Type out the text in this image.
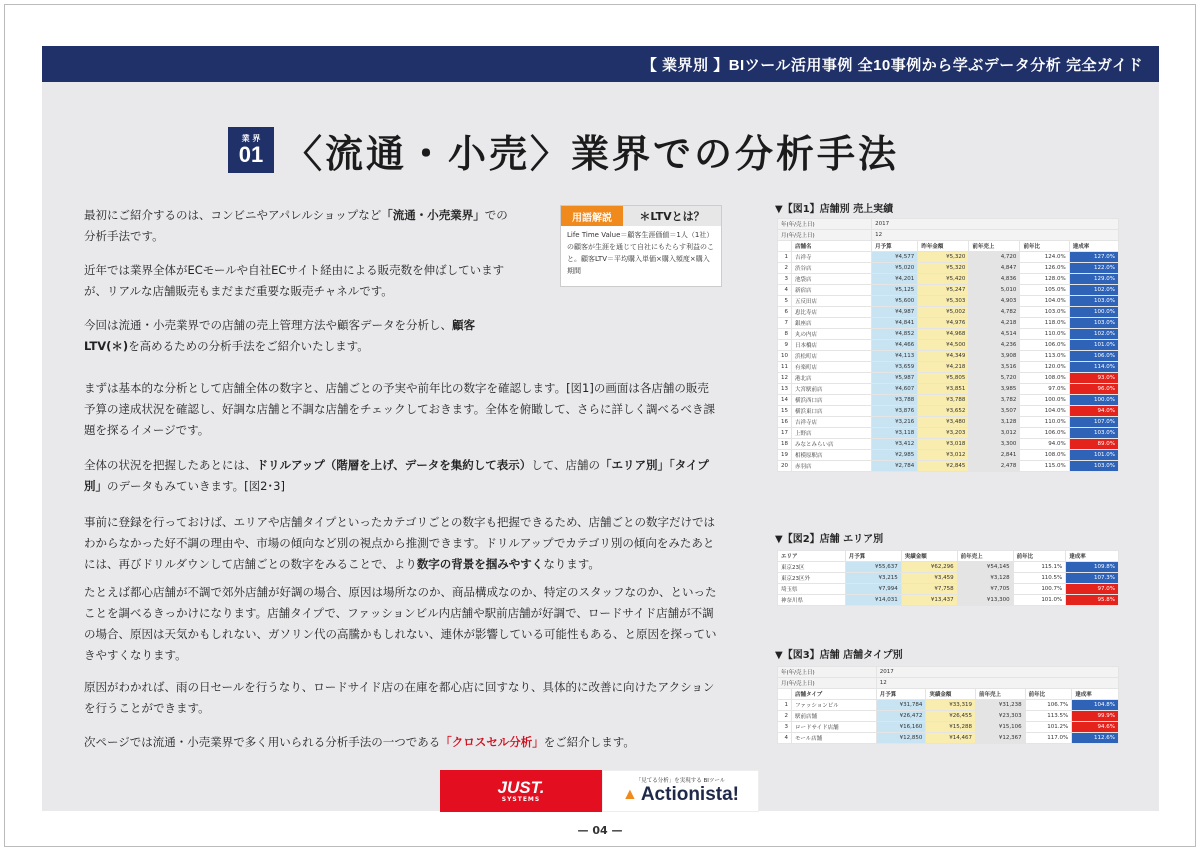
【 業界別 】BIツール活用事例 全10事例から学ぶデータ分析 完全ガイド
業 界
01 〈流通・小売〉業界での分析手法

最初にご紹介するのは、コンビニやアパレルショップなど「流通・小売業界」での分析手法です。

近年では業界全体がECモールや自社ECサイト経由による販売数を伸ばしていますが、リアルな店舗販売もまだまだ重要な販売チャネルです。

今回は流通・小売業界での店舗の売上管理方法や顧客データを分析し、顧客LTV(＊)を高めるための分析手法をご紹介いたします。

まずは基本的な分析として店舗全体の数字と、店舗ごとの予実や前年比の数字を確認します。[図1]の画面は各店舗の販売予算の達成状況を確認し、好調な店舗と不調な店舗をチェックしておきます。全体を俯瞰して、さらに詳しく調べるべき課題を探るイメージです。

全体の状況を把握したあとには、ドリルアップ（階層を上げ、データを集約して表示）して、店舗の「エリア別」「タイプ別」のデータもみていきます。[図2･3]

事前に登録を行っておけば、エリアや店舗タイプといったカテゴリごとの数字も把握できるため、店舗ごとの数字だけではわからなかった好不調の理由や、市場の傾向など別の視点から推測できます。ドリルアップでカテゴリ別の傾向をみたあとには、再びドリルダウンして店舗ごとの数字をみることで、より数字の背景を掴みやすくなります。

たとえば都心店舗が不調で郊外店舗が好調の場合、原因は場所なのか、商品構成なのか、特定のスタッフなのか、といったことを調べるきっかけになります。店舗タイプで、ファッションビル内店舗や駅前店舗が好調で、ロードサイド店舗が不調の場合、原因は天気かもしれない、ガソリン代の高騰かもしれない、連休が影響している可能性もある、と原因を探っていきやすくなります。

原因がわかれば、雨の日セールを行うなり、ロードサイド店の在庫を都心店に回すなり、具体的に改善に向けたアクションを行うことができます。

次ページでは流通・小売業界で多く用いられる分析手法の一つである「クロスセル分析」をご紹介します。

用語解説	＊LTVとは？
Life Time Value＝顧客生涯価値＝1人（1社）の顧客が生涯を通じて自社にもたらす利益のこと。顧客LTV＝平均購入単価×購入頻度×購入期間
▼【図1】店舗別 売上実績
年(年/売上日)		2017				
月(年/売上日)		12				
	店舗名	月予算	昨年金額	前年売上	前年比	達成率
1	吉祥寺	¥4,577	¥5,320	4,720	124.0%	127.0%
2	渋谷店	¥5,020	¥5,320	4,847	126.0%	122.0%
3	池袋店	¥4,201	¥5,420	4,836	128.0%	129.0%
4	新宿店	¥5,125	¥5,247	5,010	105.0%	102.0%
5	五反田店	¥5,600	¥5,303	4,903	104.0%	103.0%
6	恵比寿店	¥4,987	¥5,002	4,782	103.0%	100.0%
7	銀座店	¥4,841	¥4,976	4,218	118.0%	103.0%
8	丸の内店	¥4,852	¥4,968	4,514	110.0%	102.0%
9	日本橋店	¥4,466	¥4,500	4,236	106.0%	101.0%
10	浜松町店	¥4,113	¥4,349	3,908	113.0%	106.0%
11	有楽町店	¥3,659	¥4,218	3,516	120.0%	114.0%
12	港北店	¥5,987	¥5,805	5,720	108.0%	93.0%
13	大宮駅前店	¥4,607	¥3,851	3,985	97.0%	96.0%
14	横浜西口店	¥3,788	¥3,788	3,782	100.0%	100.0%
15	横浜東口店	¥3,876	¥3,652	3,507	104.0%	94.0%
16	吉祥寺店	¥3,216	¥3,480	3,128	110.0%	107.0%
17	上野店	¥3,118	¥3,203	3,012	106.0%	103.0%
18	みなとみらい店	¥3,412	¥3,018	3,300	94.0%	89.0%
19	相模原駅店	¥2,985	¥3,012	2,841	108.0%	101.0%
20	赤羽店	¥2,784	¥2,845	2,478	115.0%	103.0%
▼【図2】店舗 エリア別
エリア	月予算	実績金額	前年売上	前年比	達成率
東京23区	¥55,637	¥62,296	¥54,145	115.1%	109.8%
東京23区外	¥3,215	¥3,459	¥3,128	110.5%	107.3%
埼玉県	¥7,994	¥7,758	¥7,705	100.7%	97.0%
神奈川県	¥14,031	¥13,437	¥13,300	101.0%	95.8%
▼【図3】店舗 店舗タイプ別
年(年/売上日)		2017				
月(年/売上日)		12				
	店舗タイプ	月予算	実績金額	前年売上	前年比	達成率
1	ファッションビル	¥31,784	¥33,319	¥31,238	106.7%	104.8%
2	駅前店舗	¥26,472	¥26,455	¥23,303	113.5%	99.9%
3	ロードサイド店舗	¥16,160	¥15,288	¥15,106	101.2%	94.6%
4	モール店舗	¥12,850	¥14,467	¥12,367	117.0%	112.6%
JUST.
SYSTEMS
「見てる分析」を実現する BIツール
▲ Actionista!
— 04 —
